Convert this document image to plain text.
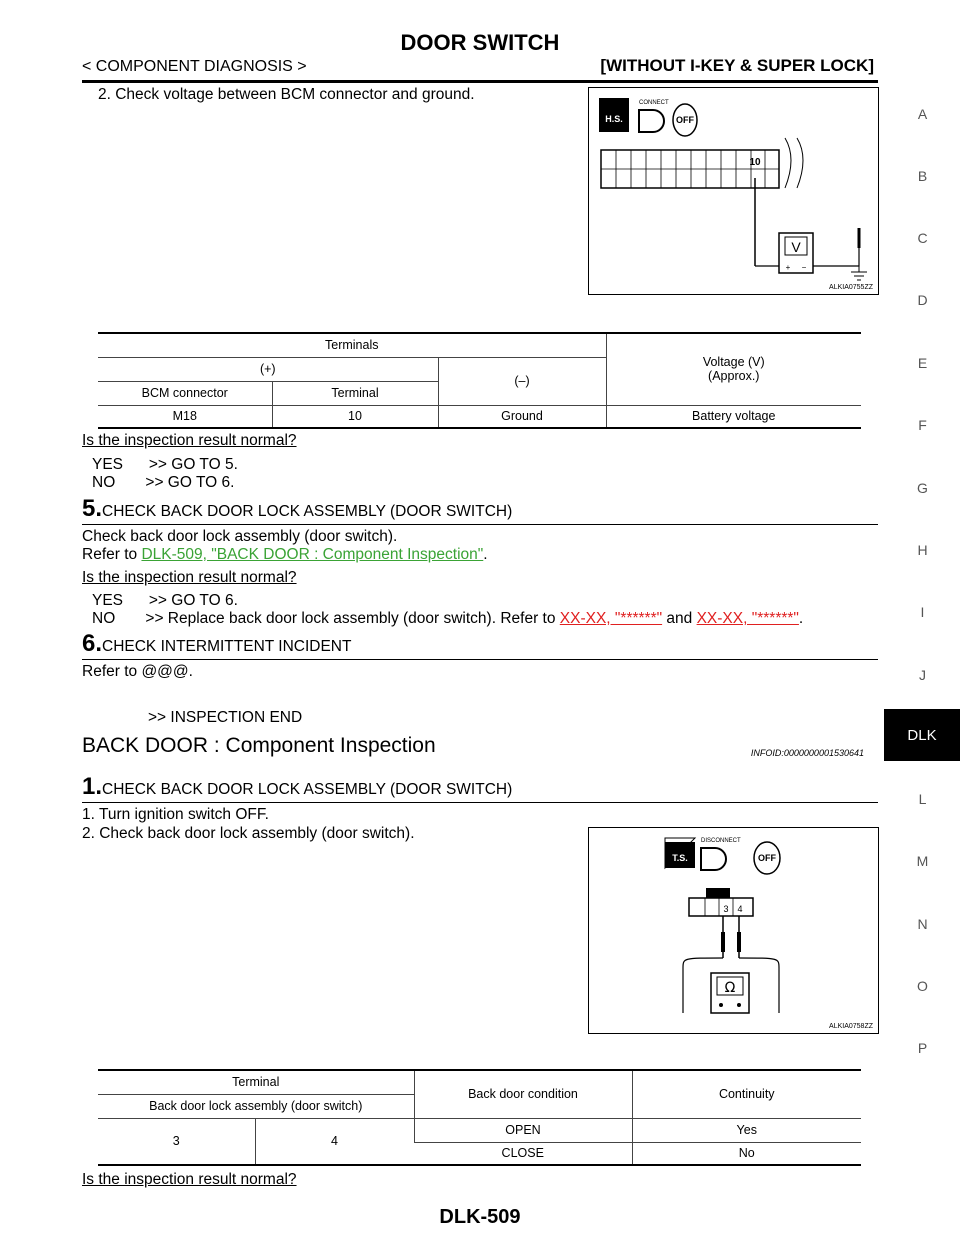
DOOR SWITCH
< COMPONENT DIAGNOSIS >	[WITHOUT I-KEY & SUPER LOCK]
A
B
C
D
E
F
G
H
I
J
DLK
L
M
N
O
P
2. Check voltage between BCM connector and ground.
H.S.
CONNECT
OFF
10
V
+ −
ALKIA0755ZZ
Terminals			Voltage (V)
(Approx.)

(+)		(–)	
BCM connector	Terminal		
M18	10	Ground	Battery voltage
Is the inspection result normal?
YES      >> GO TO 5.
NO       >> GO TO 6.
5.CHECK BACK DOOR LOCK ASSEMBLY (DOOR SWITCH)
Check back door lock assembly (door switch).
Refer to DLK-509, "BACK DOOR : Component Inspection".
Is the inspection result normal?
YES      >> GO TO 6.
NO       >> Replace back door lock assembly (door switch). Refer to XX-XX, "******" and XX-XX, "******".
6.CHECK INTERMITTENT INCIDENT
Refer to @@@.
>> INSPECTION END
BACK DOOR : Component Inspection	INFOID:0000000001530641
1.CHECK BACK DOOR LOCK ASSEMBLY (DOOR SWITCH)
1. Turn ignition switch OFF.
2. Check back door lock assembly (door switch).
T.S.
DISCONNECT
OFF
3 4
Ω
ALKIA0758ZZ
Terminal		Back door condition	Continuity
Back door lock assembly (door switch)			
3	4	OPEN	Yes
		CLOSE	No
Is the inspection result normal?
DLK-509
